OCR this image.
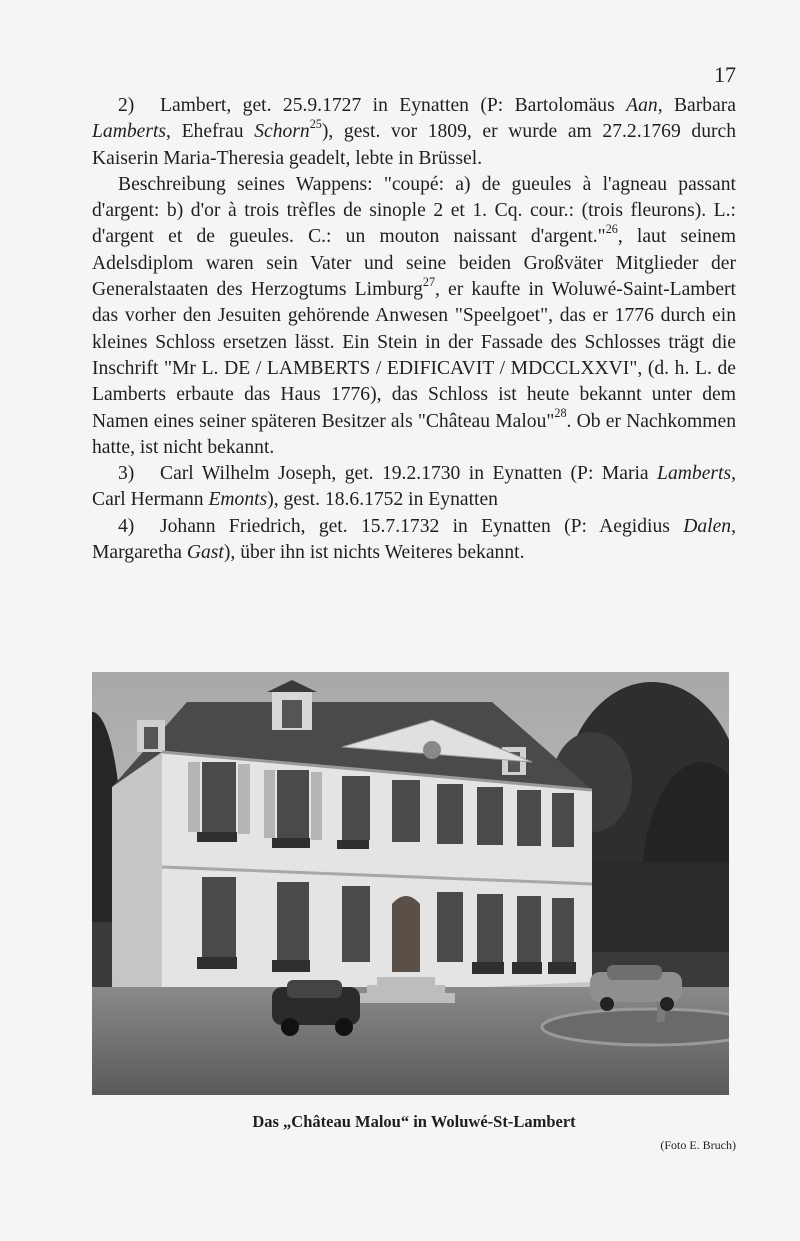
17

2) Lambert, get. 25.9.1727 in Eynatten (P: Bartolomäus Aan, Barbara Lamberts, Ehefrau Schorn$^{25}$), gest. vor 1809, er wurde am 27.2.1769 durch Kaiserin Maria-Theresia geadelt, lebte in Brüssel.

Beschreibung seines Wappens: "coupé: a) de gueules à l'agneau passant d'argent: b) d'or à trois trèfles de sinople 2 et 1. Cq. cour.: (trois fleurons). L.: d'argent et de gueules. C.: un mouton naissant d'argent."$^{26}$, laut seinem Adelsdiplom waren sein Vater und seine beiden Großväter Mitglieder der Generalstaaten des Herzogtums Limburg$^{27}$, er kaufte in Woluwé-Saint-Lambert das vorher den Jesuiten gehörende Anwesen "Speelgoet", das er 1776 durch ein kleines Schloss ersetzen lässt. Ein Stein in der Fassade des Schlosses trägt die Inschrift "Mr L. DE / LAMBERTS / EDIFICAVIT / MDCCLXXVI", (d. h. L. de Lamberts erbaute das Haus 1776), das Schloss ist heute bekannt unter dem Namen eines seiner späteren Besitzer als "Château Malou"$^{28}$. Ob er Nachkommen hatte, ist nicht bekannt.

3) Carl Wilhelm Joseph, get. 19.2.1730 in Eynatten (P: Maria Lamberts, Carl Hermann Emonts), gest. 18.6.1752 in Eynatten

4) Johann Friedrich, get. 15.7.1732 in Eynatten (P: Aegidius Dalen, Margaretha Gast), über ihn ist nichts Weiteres bekannt.

Das „Château Malou“ in Woluwé-St-Lambert
(Foto E. Bruch)
